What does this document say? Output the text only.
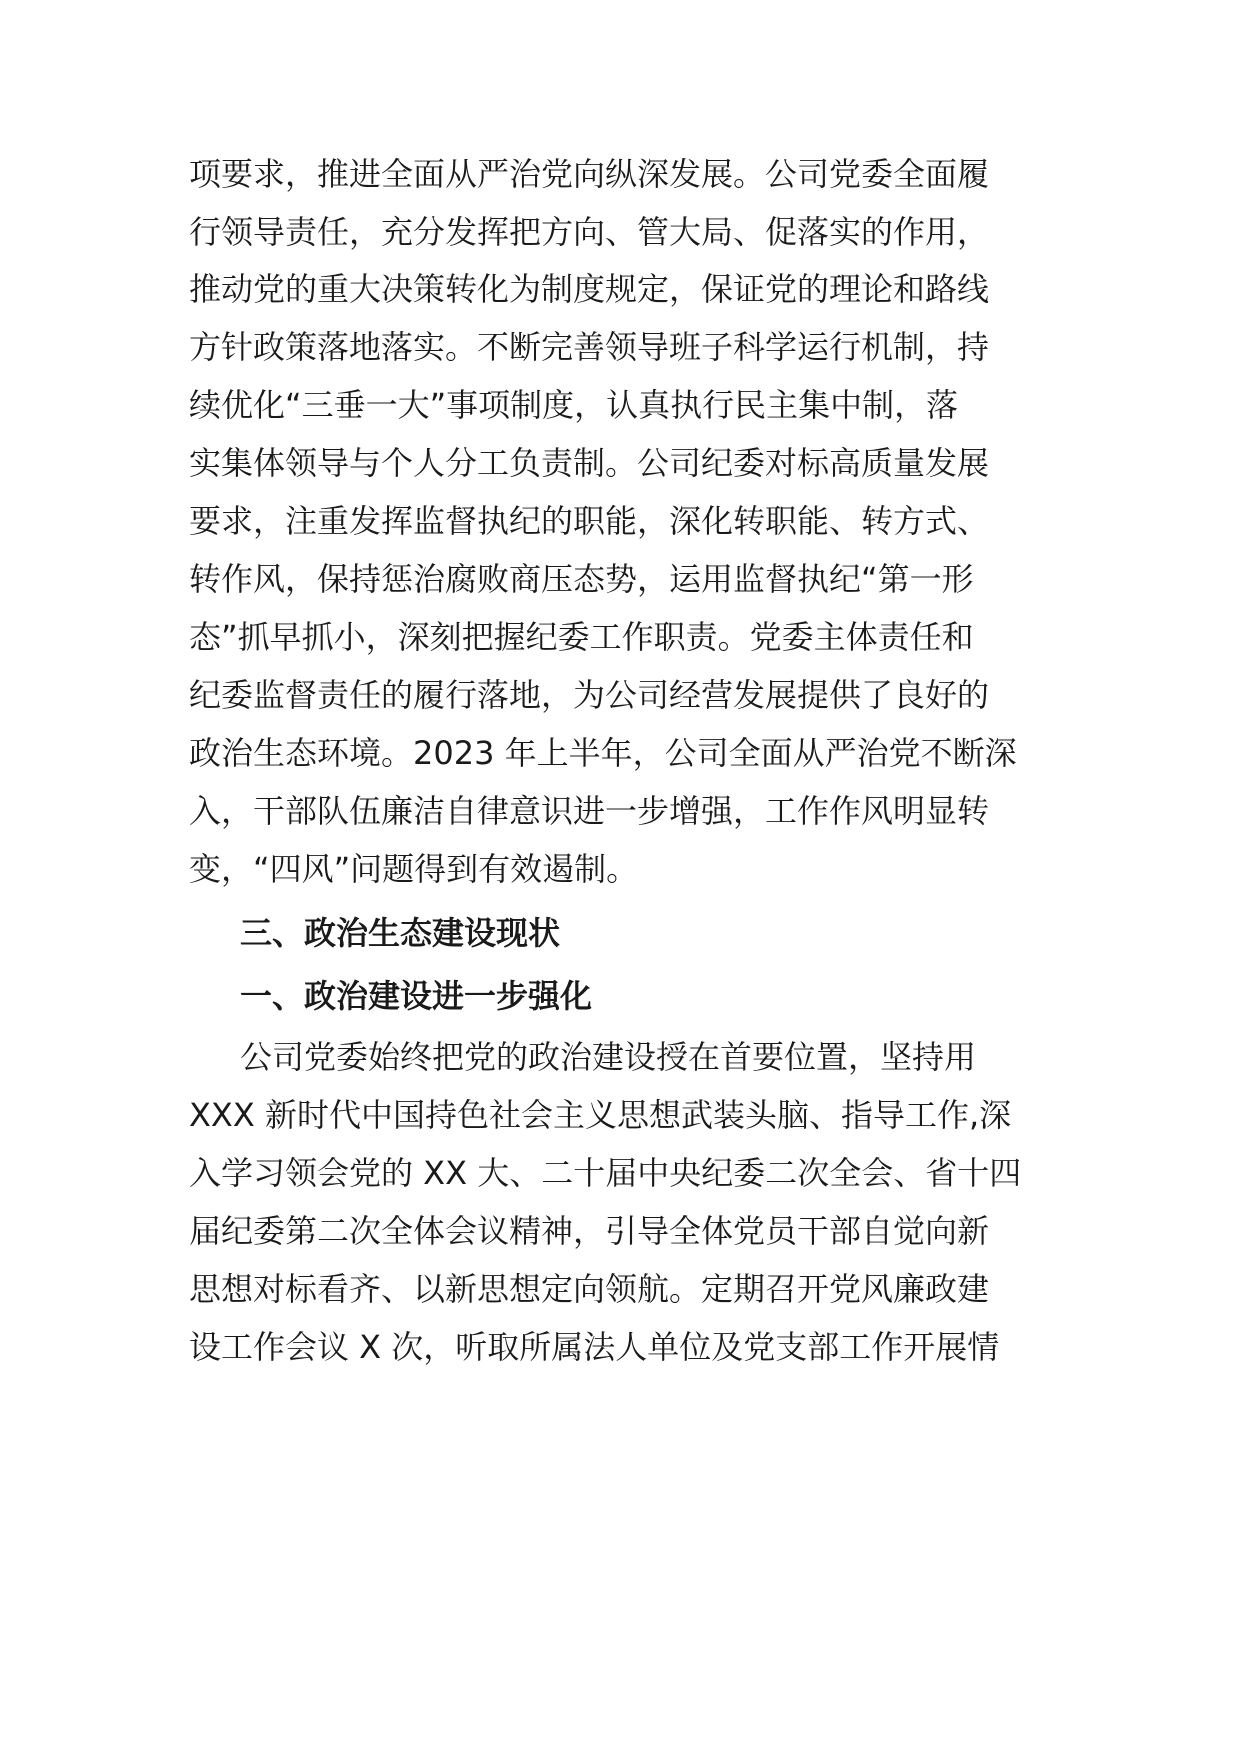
项要求，推进全面从严治党向纵深发展。公司党委全面履
行领导责任，充分发挥把方向、管大局、促落实的作用，
推动党的重大决策转化为制度规定，保证党的理论和路线
方针政策落地落实。不断完善领导班子科学运行机制，持
续优化“三垂一大”事项制度，认真执行民主集中制，落
实集体领导与个人分工负责制。公司纪委对标高质量发展
要求，注重发挥监督执纪的职能，深化转职能、转方式、
转作风，保持惩治腐败商压态势，运用监督执纪“第一形
态”抓早抓小，深刻把握纪委工作职责。党委主体责任和
纪委监督责任的履行落地，为公司经营发展提供了良好的
政治生态环境。2023 年上半年，公司全面从严治党不断深
入，干部队伍廉洁自律意识进一步增强，工作作风明显转
变，“四风”问题得到有效遏制。
三、政治生态建设现状
一、政治建设进一步强化
公司党委始终把党的政治建设授在首要位置，坚持用
XXX 新时代中国持色社会主义思想武装头脑、指导工作,深
入学习领会党的 XX 大、二十届中央纪委二次全会、省十四
届纪委第二次全体会议精神，引导全体党员干部自觉向新
思想对标看齐、以新思想定向领航。定期召开党风廉政建
设工作会议 X 次，听取所属法人单位及党支部工作开展情
